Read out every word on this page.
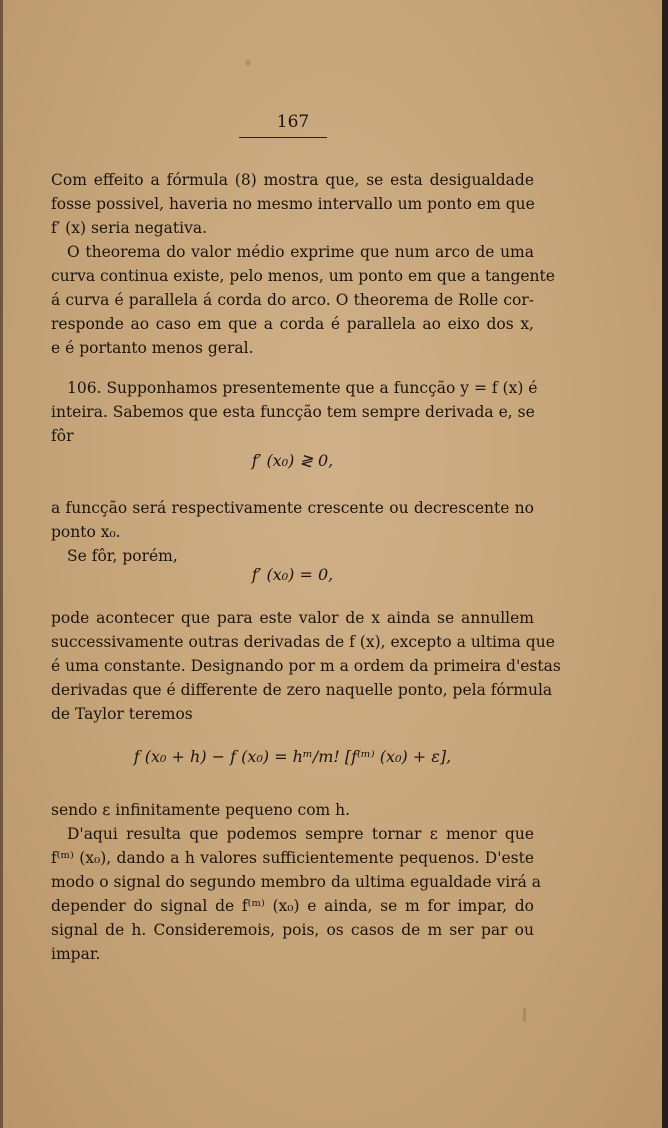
167
Com effeito a fórmula (8) mostra que, se esta desigualdade
fosse possivel, haveria no mesmo intervallo um ponto em que
f′ (x) seria negativa.
O theorema do valor médio exprime que num arco de uma
curva continua existe, pelo menos, um ponto em que a tangente
á curva é parallela á corda do arco. O theorema de Rolle cor-
responde ao caso em que a corda é parallela ao eixo dos x,
e é portanto menos geral.
106. Supponhamos presentemente que a funcção y = f (x) é
inteira. Sabemos que esta funcção tem sempre derivada e, se
fôr
f′ (x₀) ≷ 0,
a funcção será respectivamente crescente ou decrescente no
ponto x₀.
Se fôr, porém,
f′ (x₀) = 0,
pode acontecer que para este valor de x ainda se annullem
successivamente outras derivadas de f (x), excepto a ultima que
é uma constante. Designando por m a ordem da primeira d'estas
derivadas que é differente de zero naquelle ponto, pela fórmula
de Taylor teremos
f (x₀ + h) − f (x₀) = hᵐ/m! [f⁽ᵐ⁾ (x₀) + ε],
sendo ε infinitamente pequeno com h.
D'aqui resulta que podemos sempre tornar ε menor que
f⁽ᵐ⁾ (x₀), dando a h valores sufficientemente pequenos. D'este
modo o signal do segundo membro da ultima egualdade virá a
depender do signal de f⁽ᵐ⁾ (x₀) e ainda, se m for impar, do
signal de h. Consideremois, pois, os casos de m ser par ou
impar.
